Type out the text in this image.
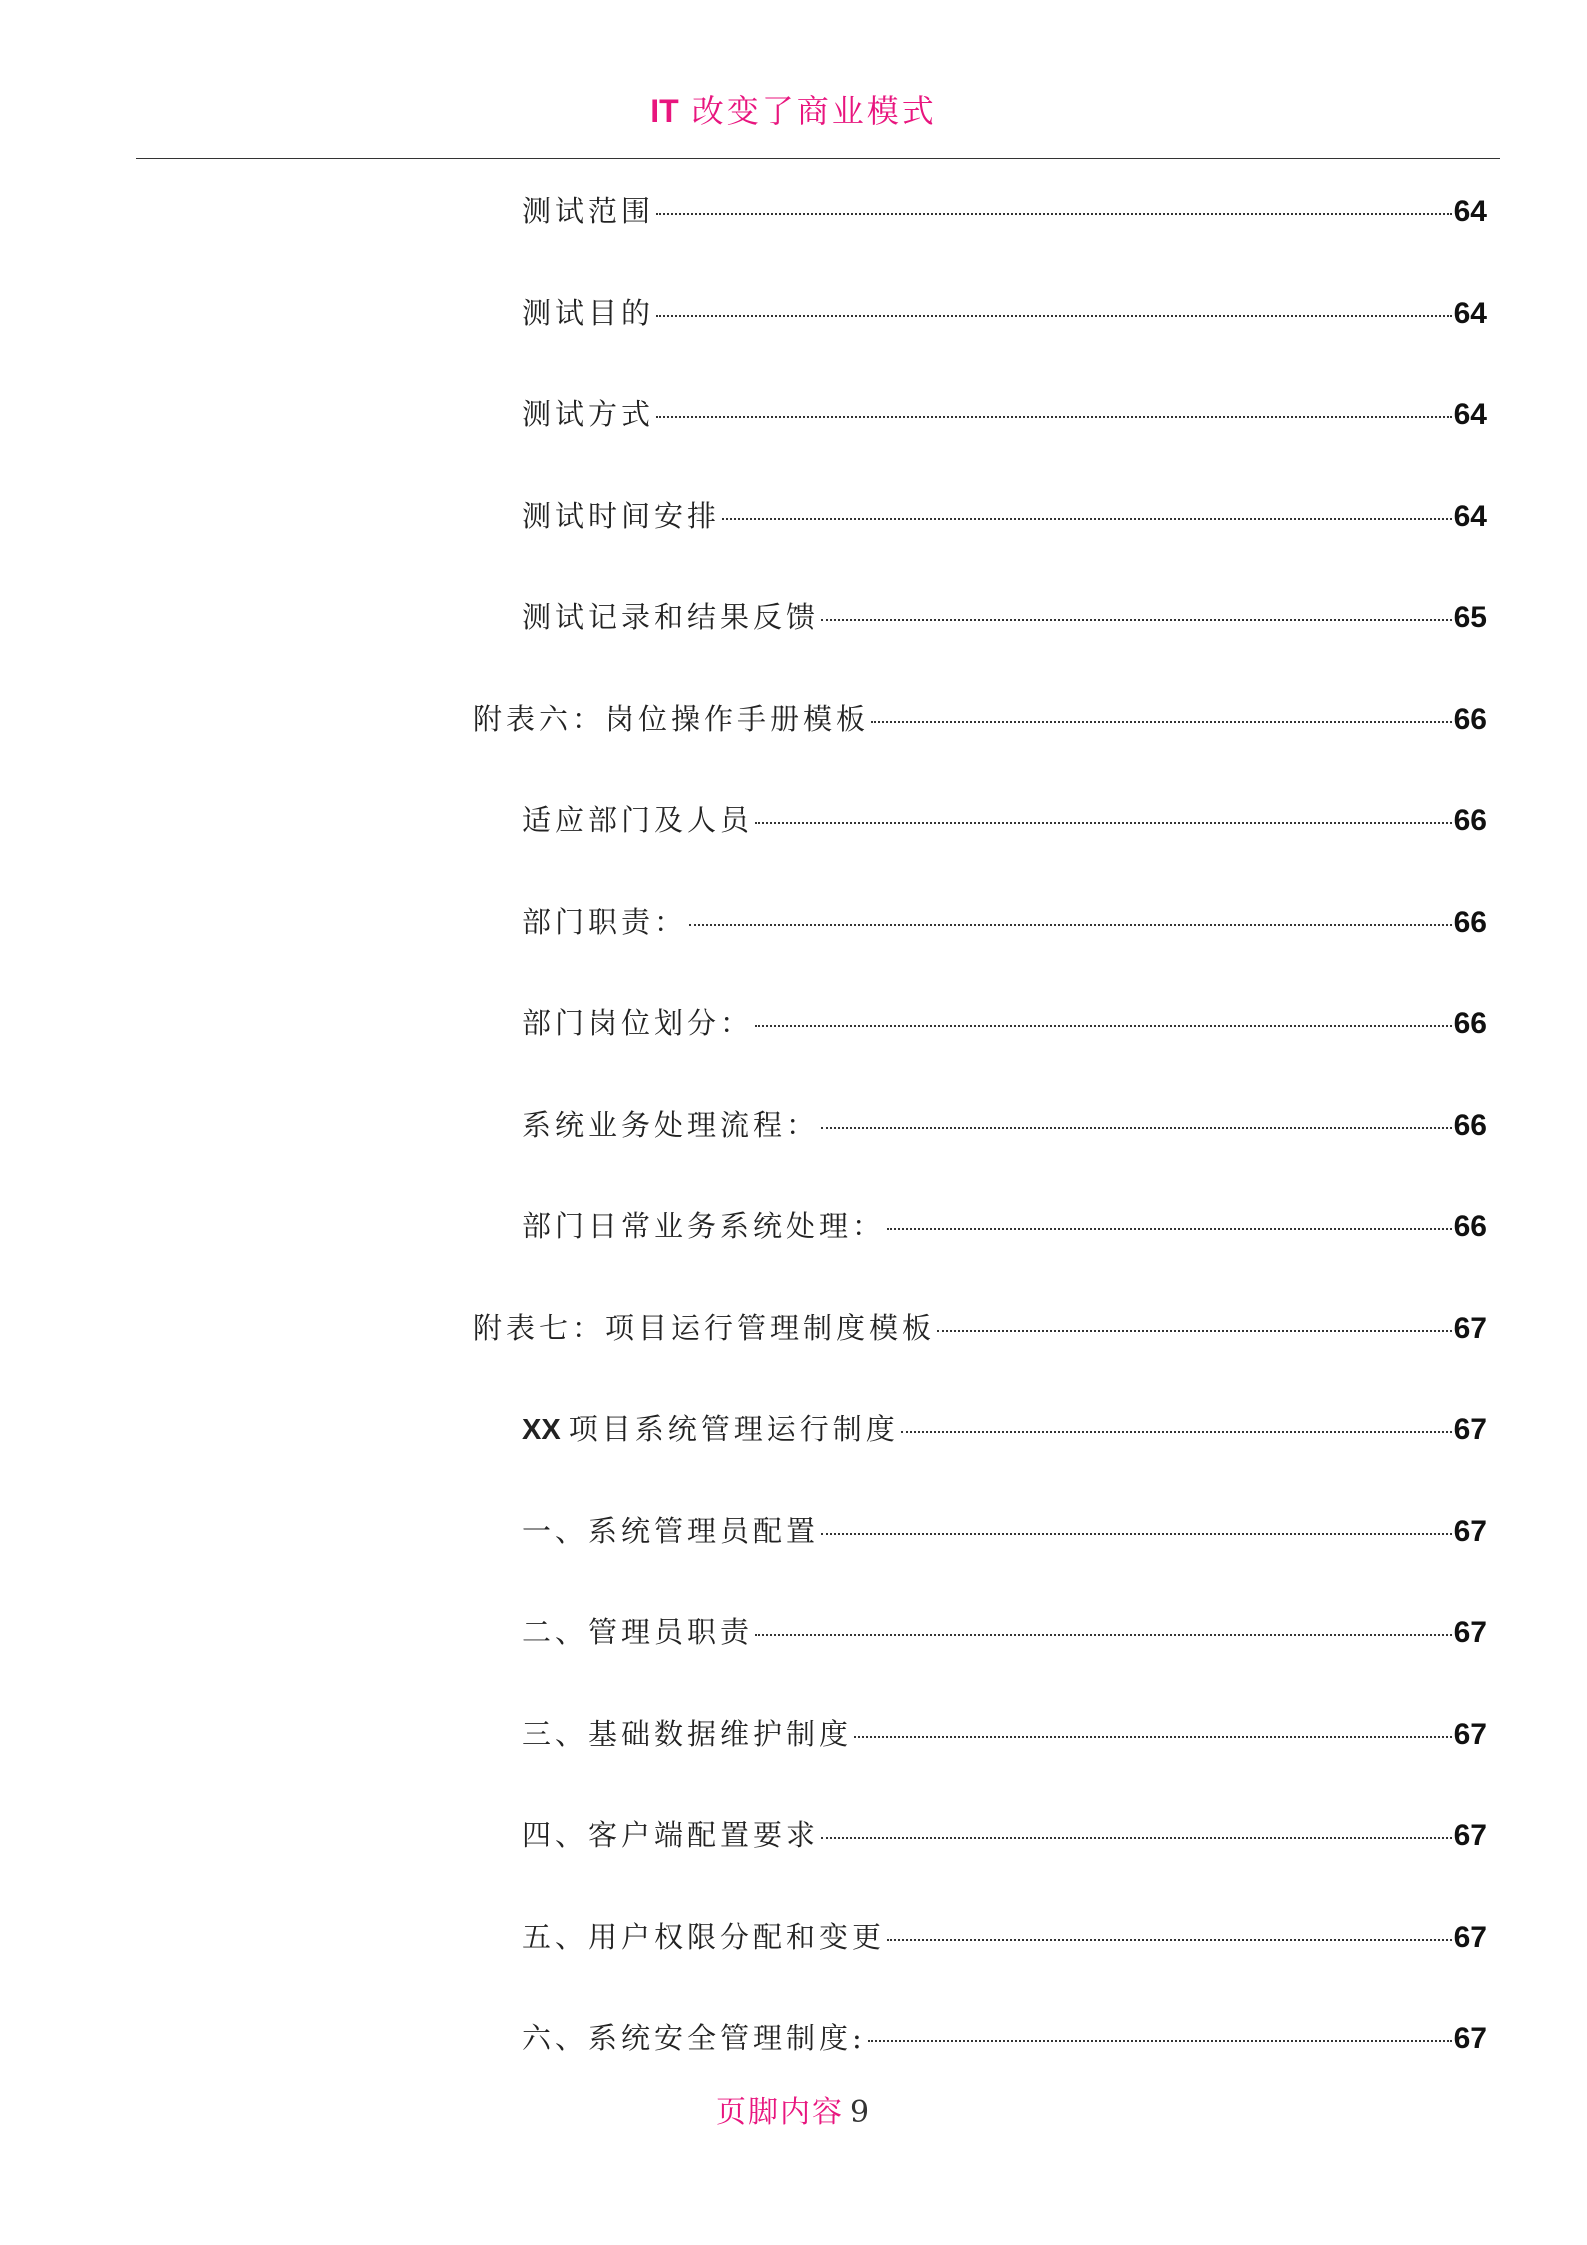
IT 改变了商业模式
测试范围	64
测试目的	64
测试方式	64
测试时间安排	64
测试记录和结果反馈	65
附表六：岗位操作手册模板	66
适应部门及人员	66
部门职责：	66
部门岗位划分：	66
系统业务处理流程：	66
部门日常业务系统处理：	66
附表七：项目运行管理制度模板	67
XX 项目系统管理运行制度	67
一、系统管理员配置	67
二、管理员职责	67
三、基础数据维护制度	67
四、客户端配置要求	67
五、用户权限分配和变更	67
六、系统安全管理制度:	67
页脚内容 9
